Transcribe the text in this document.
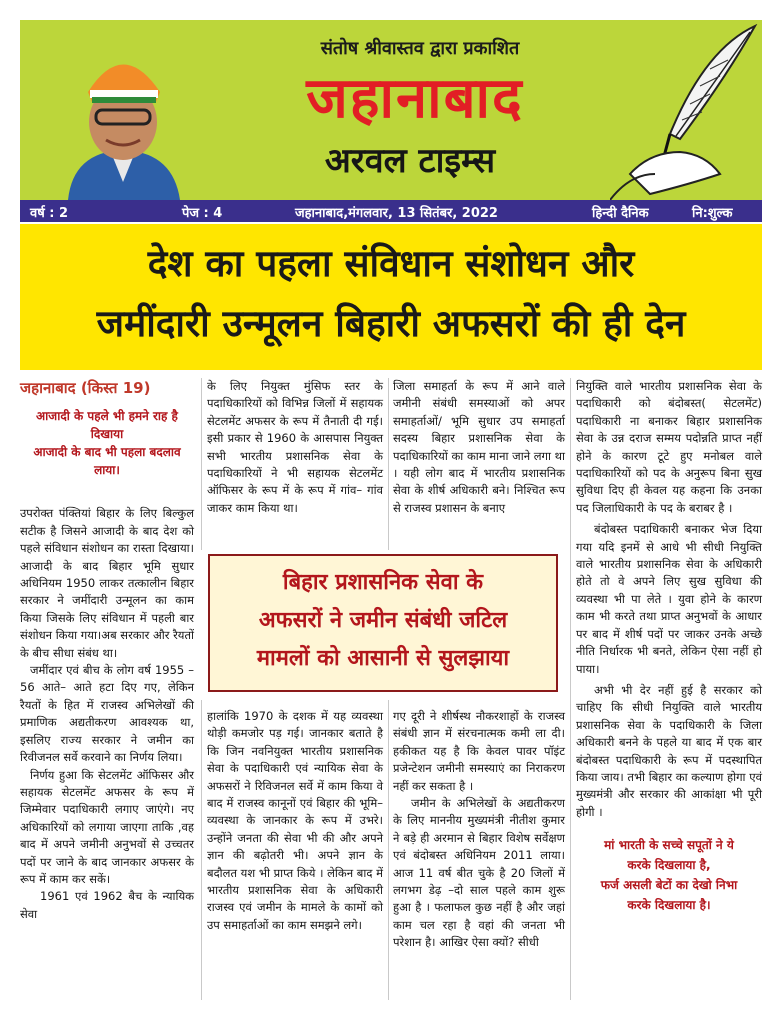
संतोष श्रीवास्तव द्वारा प्रकाशित
जहानाबाद
अरवल टाइम्स
वर्ष : 2	पेज : 4	जहानाबाद,मंगलवार, 13 सितंबर, 2022	हिन्दी दैनिक	नि:शुल्क
देश का पहला संविधान संशोधन और
जमींदारी उन्मूलन बिहारी अफसरों की ही देन

जहानाबाद (किस्त 19)

आजादी के पहले भी हमने राह है

दिखाया

आजादी के बाद भी पहला बदलाव

लाया।

उपरोक्त पंक्तियां बिहार के लिए बिल्कुल सटीक है जिसने आजादी के बाद देश को पहले संविधान संशोधन का रास्ता दिखाया। आजादी के बाद बिहार भूमि सुधार अधिनियम 1950 लाकर तत्कालीन बिहार सरकार ने जमींदारी उन्मूलन का काम किया जिसके लिए संविधान में पहली बार संशोधन किया गया।अब सरकार और रैयतों के बीच सीधा संबंध था।

जमींदार एवं बीच के लोग वर्ष 1955 – 56 आते– आते हटा दिए गए, लेकिन रैयतों के हित में राजस्व अभिलेखों की प्रमाणिक अद्यतीकरण आवश्यक था, इसलिए राज्य सरकार ने जमीन का रिवीजनल सर्वे करवाने का निर्णय लिया।

निर्णय हुआ कि सेटलमेंट ऑफिसर और सहायक सेटलमेंट अफसर के रूप में जिम्मेवार पदाधिकारी लगाए जाएंगे। नए अधिकारियों को लगाया जाएगा ताकि ,वह बाद में अपने जमीनी अनुभवों से उच्चतर पदों पर जाने के बाद जानकार अफसर के रूप में काम कर सकें।

1961 एवं 1962 बैच के न्यायिक सेवा

के लिए नियुक्त मुंसिफ स्तर के पदाधिकारियों को विभिन्न जिलों में सहायक सेटलमेंट अफसर के रूप में तैनाती दी गई। इसी प्रकार से 1960 के आसपास नियुक्त सभी भारतीय प्रशासनिक सेवा के पदाधिकारियों ने भी सहायक सेटलमेंट ऑफिसर के रूप में के रूप में गांव– गांव जाकर काम किया था।

जिला समाहर्ता के रूप में आने वाले जमीनी संबंधी समस्याओं को अपर समाहर्ताओं/ भूमि सुधार उप समाहर्ता सदस्य बिहार प्रशासनिक सेवा के पदाधिकारियों का काम माना जाने लगा था । यही लोग बाद में भारतीय प्रशासनिक सेवा के शीर्ष अधिकारी बने। निश्चित रूप से राजस्व प्रशासन के बनाए

बिहार प्रशासनिक सेवा के
अफसरों ने जमीन संबंधी जटिल
मामलों को आसानी से सुलझाया

हालांकि 1970 के दशक में यह व्यवस्था थोड़ी कमजोर पड़ गई। जानकार बताते है कि जिन नवनियुक्त भारतीय प्रशासनिक सेवा के पदाधिकारी एवं न्यायिक सेवा के अफसरों ने रिविजनल सर्वे में काम किया वे बाद में राजस्व कानूनों एवं बिहार की भूमि– व्यवस्था के जानकार के रूप में उभरे।उन्होंने जनता की सेवा भी की और अपने ज्ञान की बढ़ोतरी भी। अपने ज्ञान के बदौलत यश भी प्राप्त किये । लेकिन बाद में भारतीय प्रशासनिक सेवा के अधिकारी राजस्व एवं जमीन के मामले के कामों को उप समाहर्ताओं का काम समझने लगे।

गए दूरी ने शीर्षस्थ नौकरशाहों के राजस्व संबंधी ज्ञान में संरचनात्मक कमी ला दी। हकीकत यह है कि केवल पावर पॉइंट प्रजेन्टेशन जमीनी समस्याएं का निराकरण नहीं कर सकता है ।

जमीन के अभिलेखों के अद्यतीकरण के लिए माननीय मुख्यमंत्री नीतीश कुमार ने बड़े ही अरमान से बिहार विशेष सर्वेक्षण एवं बंदोबस्त अधिनियम 2011 लाया।आज 11 वर्ष बीत चुके है 20 जिलों में लगभग डेढ़ –दो साल पहले काम शुरू हुआ है । फलाफल कुछ नहीं है और जहां काम चल रहा है वहां की जनता भी परेशान है। आखिर ऐसा क्यों? सीधी

नियुक्ति वाले भारतीय प्रशासनिक सेवा के पदाधिकारी को बंदोबस्त( सेटलमेंट) पदाधिकारी ना बनाकर बिहार प्रशासनिक सेवा के उन्न दराज सम्मय पदोन्नति प्राप्त नहीं होने के कारण टूटे हुए मनोबल वाले पदाधिकारियों को पद के अनुरूप बिना सुख सुविधा दिए ही केवल यह कहना कि उनका पद जिलाधिकारी के पद के बराबर है ।

बंदोबस्त पदाधिकारी बनाकर भेज दिया गया यदि इनमें से आधे भी सीधी नियुक्ति वाले भारतीय प्रशासनिक सेवा के अधिकारी होते तो वे अपने लिए सुख सुविधा की व्यवस्था भी पा लेते । युवा होने के कारण काम भी करते तथा प्राप्त अनुभवों के आधार पर बाद में शीर्ष पदों पर जाकर उनके अच्छे नीति निर्धारक भी बनते, लेकिन ऐसा नहीं हो पाया।

अभी भी देर नहीं हुई है सरकार को चाहिए कि सीधी नियुक्ति वाले भारतीय प्रशासनिक सेवा के पदाधिकारी के जिला अधिकारी बनने के पहले या बाद में एक बार बंदोबस्त पदाधिकारी के रूप में पदस्थापित किया जाय। तभी बिहार का कल्याण होगा एवं मुख्यमंत्री और सरकार की आकांक्षा भी पूरी होगी ।

मां भारती के सच्चे सपूतों ने ये

करके दिखलाया है,

फर्ज असली बेटों का देखो निभा

करके दिखलाया है।
